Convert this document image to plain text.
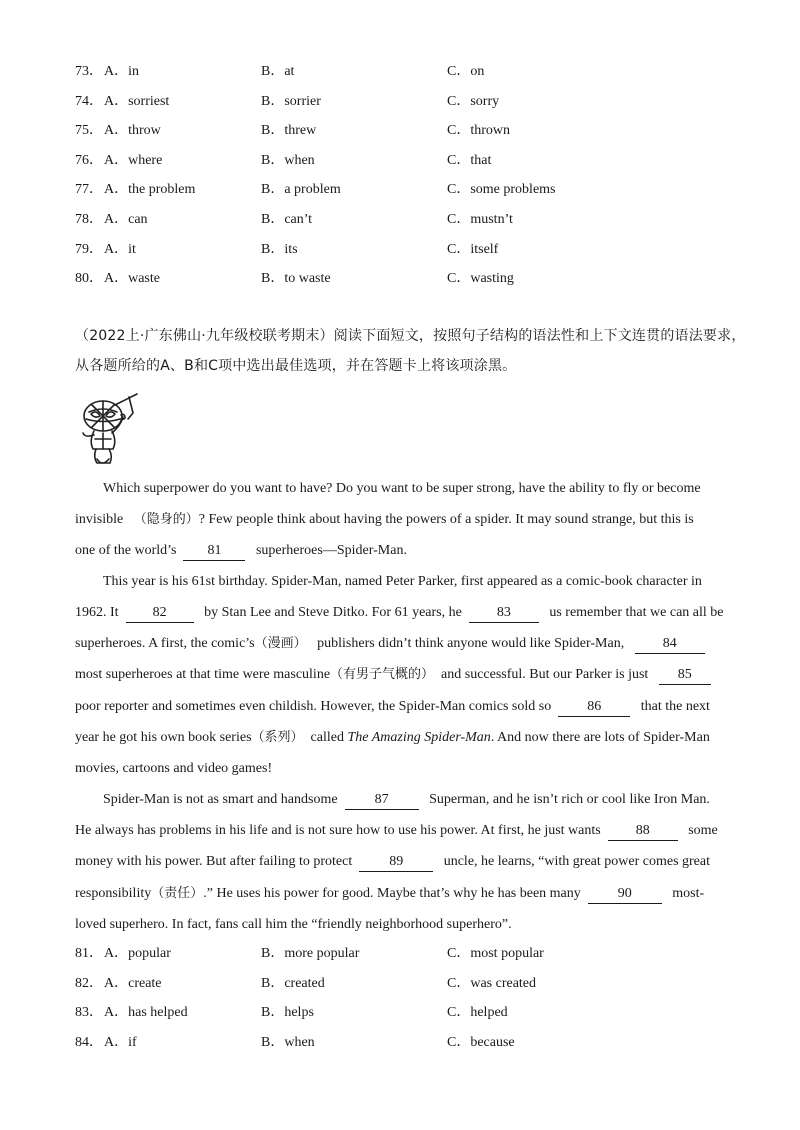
73． A．in	B．at	C．on
74． A．sorriest	B．sorrier	C．sorry
75． A．throw	B．threw	C．thrown
76． A．where	B．when	C．that
77． A．the problem	B．a problem	C．some problems
78． A．can	B．can’t	C．mustn’t
79． A．it	B．its	C．itself
80． A．waste	B．to waste	C．wasting
（2022上·广东佛山·九年级校联考期末）阅读下面短文，按照句子结构的语法性和上下文连贯的语法要求，
从各题所给的A、B和C项中选出最佳选项，并在答题卡上将该项涂黑。
Which superpower do you want to have? Do you want to be super strong, have the ability to fly or become
invisible （隐身的）? Few people think about having the powers of a spider. It may sound strange, but this is
one of the world’s 81 superheroes—Spider-Man.
This year is his 61st birthday. Spider-Man, named Peter Parker, first appeared as a comic-book character in
1962. It 82	by Stan Lee and Steve Ditko. For 61 years, he	83	us remember that we can all be
superheroes. A first, the comic’s（漫画） publishers didn’t think anyone would like Spider-Man,	84
most superheroes at that time were masculine（有男子气概的） and successful. But our Parker is just 85
poor reporter and sometimes even childish. However, the Spider-Man comics sold so	86	that the next
year he got his own book series（系列） called The Amazing Spider-Man. And now there are lots of Spider-Man
movies, cartoons and video games!
Spider-Man is not as smart and handsome	87	Superman, and he isn’t rich or cool like Iron Man.
He always has problems in his life and is not sure how to use his power. At first, he just wants	88	some
money with his power. But after failing to protect	89	uncle, he learns, “with great power comes great
responsibility（责任）.” He uses his power for good. Maybe that’s why he has been many	90	most-
loved superhero. In fact, fans call him the “friendly neighborhood superhero”.
81． A．popular	B．more popular	C．most popular
82． A．create	B．created	C．was created
83． A．has helped	B．helps	C．helped
84． A．if	B．when	C．because
